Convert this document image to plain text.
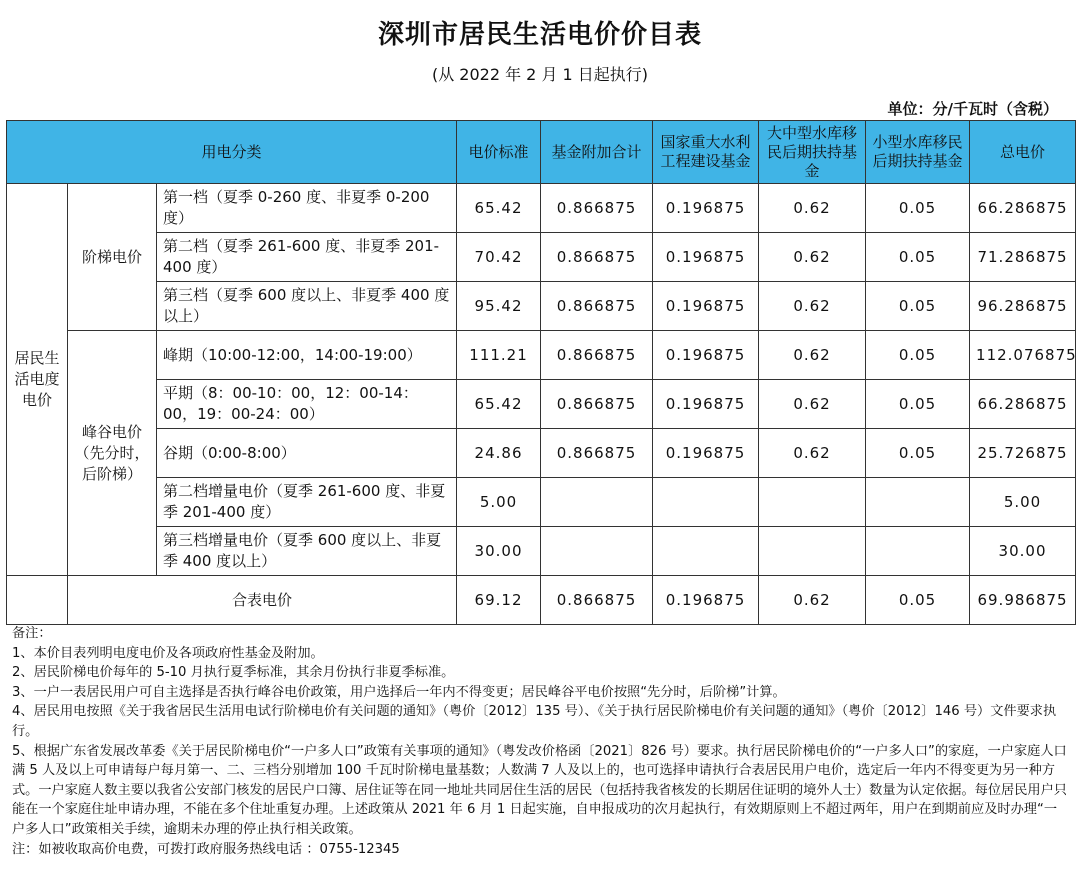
深圳市居民生活电价价目表
(从 2022 年 2 月 1 日起执行)
单位：分/千瓦时（含税）
用电分类			电价标准	基金附加合计	国家重大水利工程建设基金	大中型水库移民后期扶持基金	小型水库移民后期扶持基金	总电价
居民生活电度电价	阶梯电价	第一档（夏季 0-260 度、非夏季 0-200 度）	65.42	0.866875	0.196875	0.62	0.05	66.286875
		第二档（夏季 261-600 度、非夏季 201-400 度）	70.42	0.866875	0.196875	0.62	0.05	71.286875
		第三档（夏季 600 度以上、非夏季 400 度以上）	95.42	0.866875	0.196875	0.62	0.05	96.286875
	峰谷电价（先分时，后阶梯）	峰期（10:00-12:00，14:00-19:00）	111.21	0.866875	0.196875	0.62	0.05	112.076875
		平期（8：00-10：00，12：00-14：00，19：00-24：00）	65.42	0.866875	0.196875	0.62	0.05	66.286875
		谷期（0:00-8:00）	24.86	0.866875	0.196875	0.62	0.05	25.726875
		第二档增量电价（夏季 261-600 度、非夏季 201-400 度）	5.00					5.00
		第三档增量电价（夏季 600 度以上、非夏季 400 度以上）	30.00					30.00
	合表电价		69.12	0.866875	0.196875	0.62	0.05	69.986875

备注：

1、本价目表列明电度电价及各项政府性基金及附加。

2、居民阶梯电价每年的 5-10 月执行夏季标准，其余月份执行非夏季标准。

3、一户一表居民用户可自主选择是否执行峰谷电价政策，用户选择后一年内不得变更；居民峰谷平电价按照“先分时，后阶梯”计算。

4、居民用电按照《关于我省居民生活用电试行阶梯电价有关问题的通知》（粤价〔2012〕135 号）、《关于执行居民阶梯电价有关问题的通知》（粤价〔2012〕146 号）文件要求执行。

5、根据广东省发展改革委《关于居民阶梯电价“一户多人口”政策有关事项的通知》（粤发改价格函〔2021〕826 号）要求。执行居民阶梯电价的“一户多人口”的家庭，一户家庭人口满 5 人及以上可申请每户每月第一、二、三档分别增加 100 千瓦时阶梯电量基数；人数满 7 人及以上的，也可选择申请执行合表居民用户电价，选定后一年内不得变更为另一种方式。一户家庭人数主要以我省公安部门核发的居民户口簿、居住证等在同一地址共同居住生活的居民（包括持我省核发的长期居住证明的境外人士）数量为认定依据。每位居民用户只能在一个家庭住址申请办理，不能在多个住址重复办理。上述政策从 2021 年 6 月 1 日起实施，自申报成功的次月起执行，有效期原则上不超过两年，用户在到期前应及时办理“一户多人口”政策相关手续，逾期未办理的停止执行相关政策。

注：如被收取高价电费，可拨打政府服务热线电话 ：0755-12345
